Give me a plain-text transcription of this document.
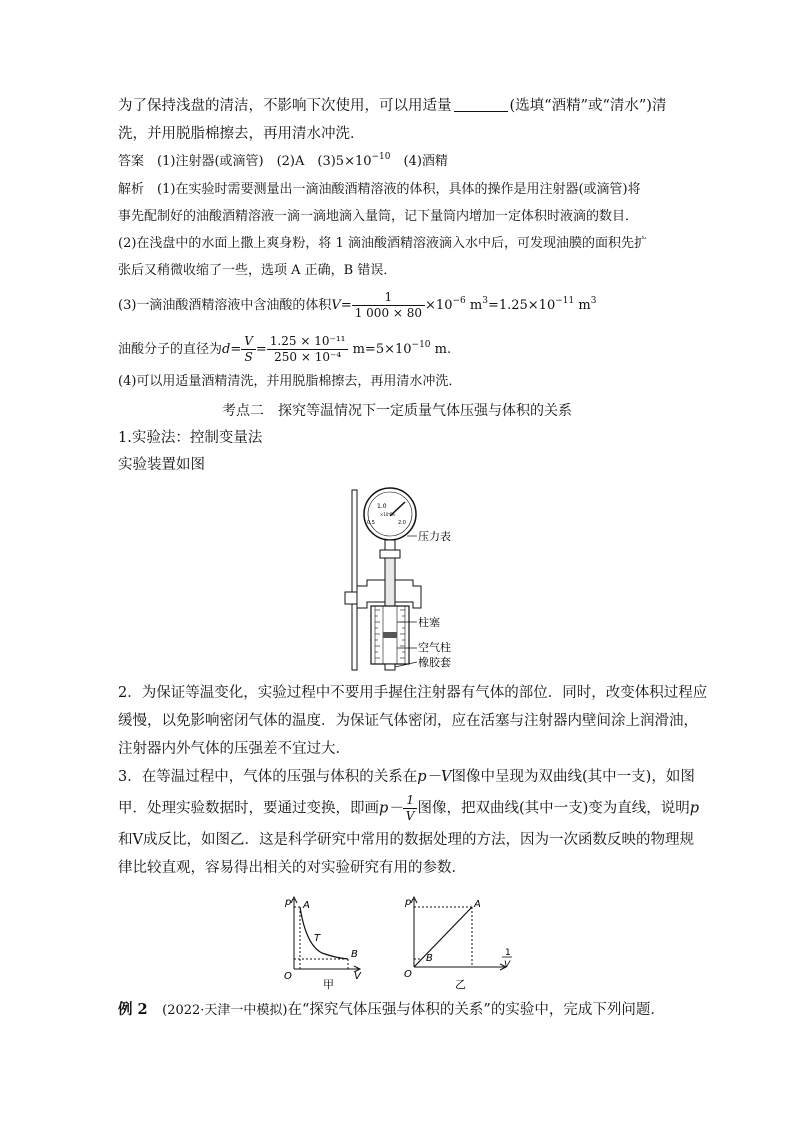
为了保持浅盘的清洁，不影响下次使用，可以用适量	(选填“酒精”或“清水”)清
洗，并用脱脂棉擦去，再用清水冲洗．
答案　 (1)注射器(或滴管)　(2)A　$(3)5\times 10^{-10}$　(4)酒精
解析　 (1)在实验时需要测量出一滴油酸酒精溶液的体积，具体的操作是用注射器(或滴管)将
事先配制好的油酸酒精溶液一滴一滴地滴入量筒，记下量筒内增加一定体积时液滴的数目．
(2)在浅盘中的水面上撒上爽身粉，将 1 滴油酸酒精溶液滴入水中后，可发现油膜的面积先扩
张后又稍微收缩了一些，选项 A 正确，B 错误．
(3)一滴油酸酒精溶液中含油酸的体积$V= \frac{1}{1 000 \times 80} \times 10^{-6}$ $m^3=1.25\times 10^{-11}$ $m^3$
油酸分子的直径为$d= \frac{V}{S} = \frac{\text{1.25 × 10⁻¹¹}}{\text{250 × 10⁻⁴}} m=5\times 10^{-10}$ m.
(4)可以用适量酒精清洗，并用脱脂棉擦去，再用清水冲洗．
考点二　探究等温情况下一定质量气体压强与体积的关系
1.实验法：控制变量法
实验装置如图
1.0
0.5	2.0
×10⁵Pa
压力表
柱塞
空气柱
橡胶套
2．为保证等温变化，实验过程中不要用手握住注射器有气体的部位．同时，改变体积过程应
缓慢，以免影响密闭气体的温度．为保证气体密闭，应在活塞与注射器内壁间涂上润滑油，
注射器内外气体的压强差不宜过大．
3．在等温过程中，气体的压强与体积的关系在p－V图像中呈现为双曲线(其中一支)，如图
甲．处理实验数据时，要通过变换，即画$p- \frac{1}{V}$ 图像，把双曲线(其中一支)变为直线，说明p
和V成反比，如图乙．这是科学研究中常用的数据处理的方法，因为一次函数反映的物理规
律比较直观，容易得出相关的对实验研究有用的参数．
p A
T
B
O	V
甲
p	A
B
O
1
V
乙
例 2　 (2022·天津一中模拟)在“探究气体压强与体积的关系”的实验中，完成下列问题．
